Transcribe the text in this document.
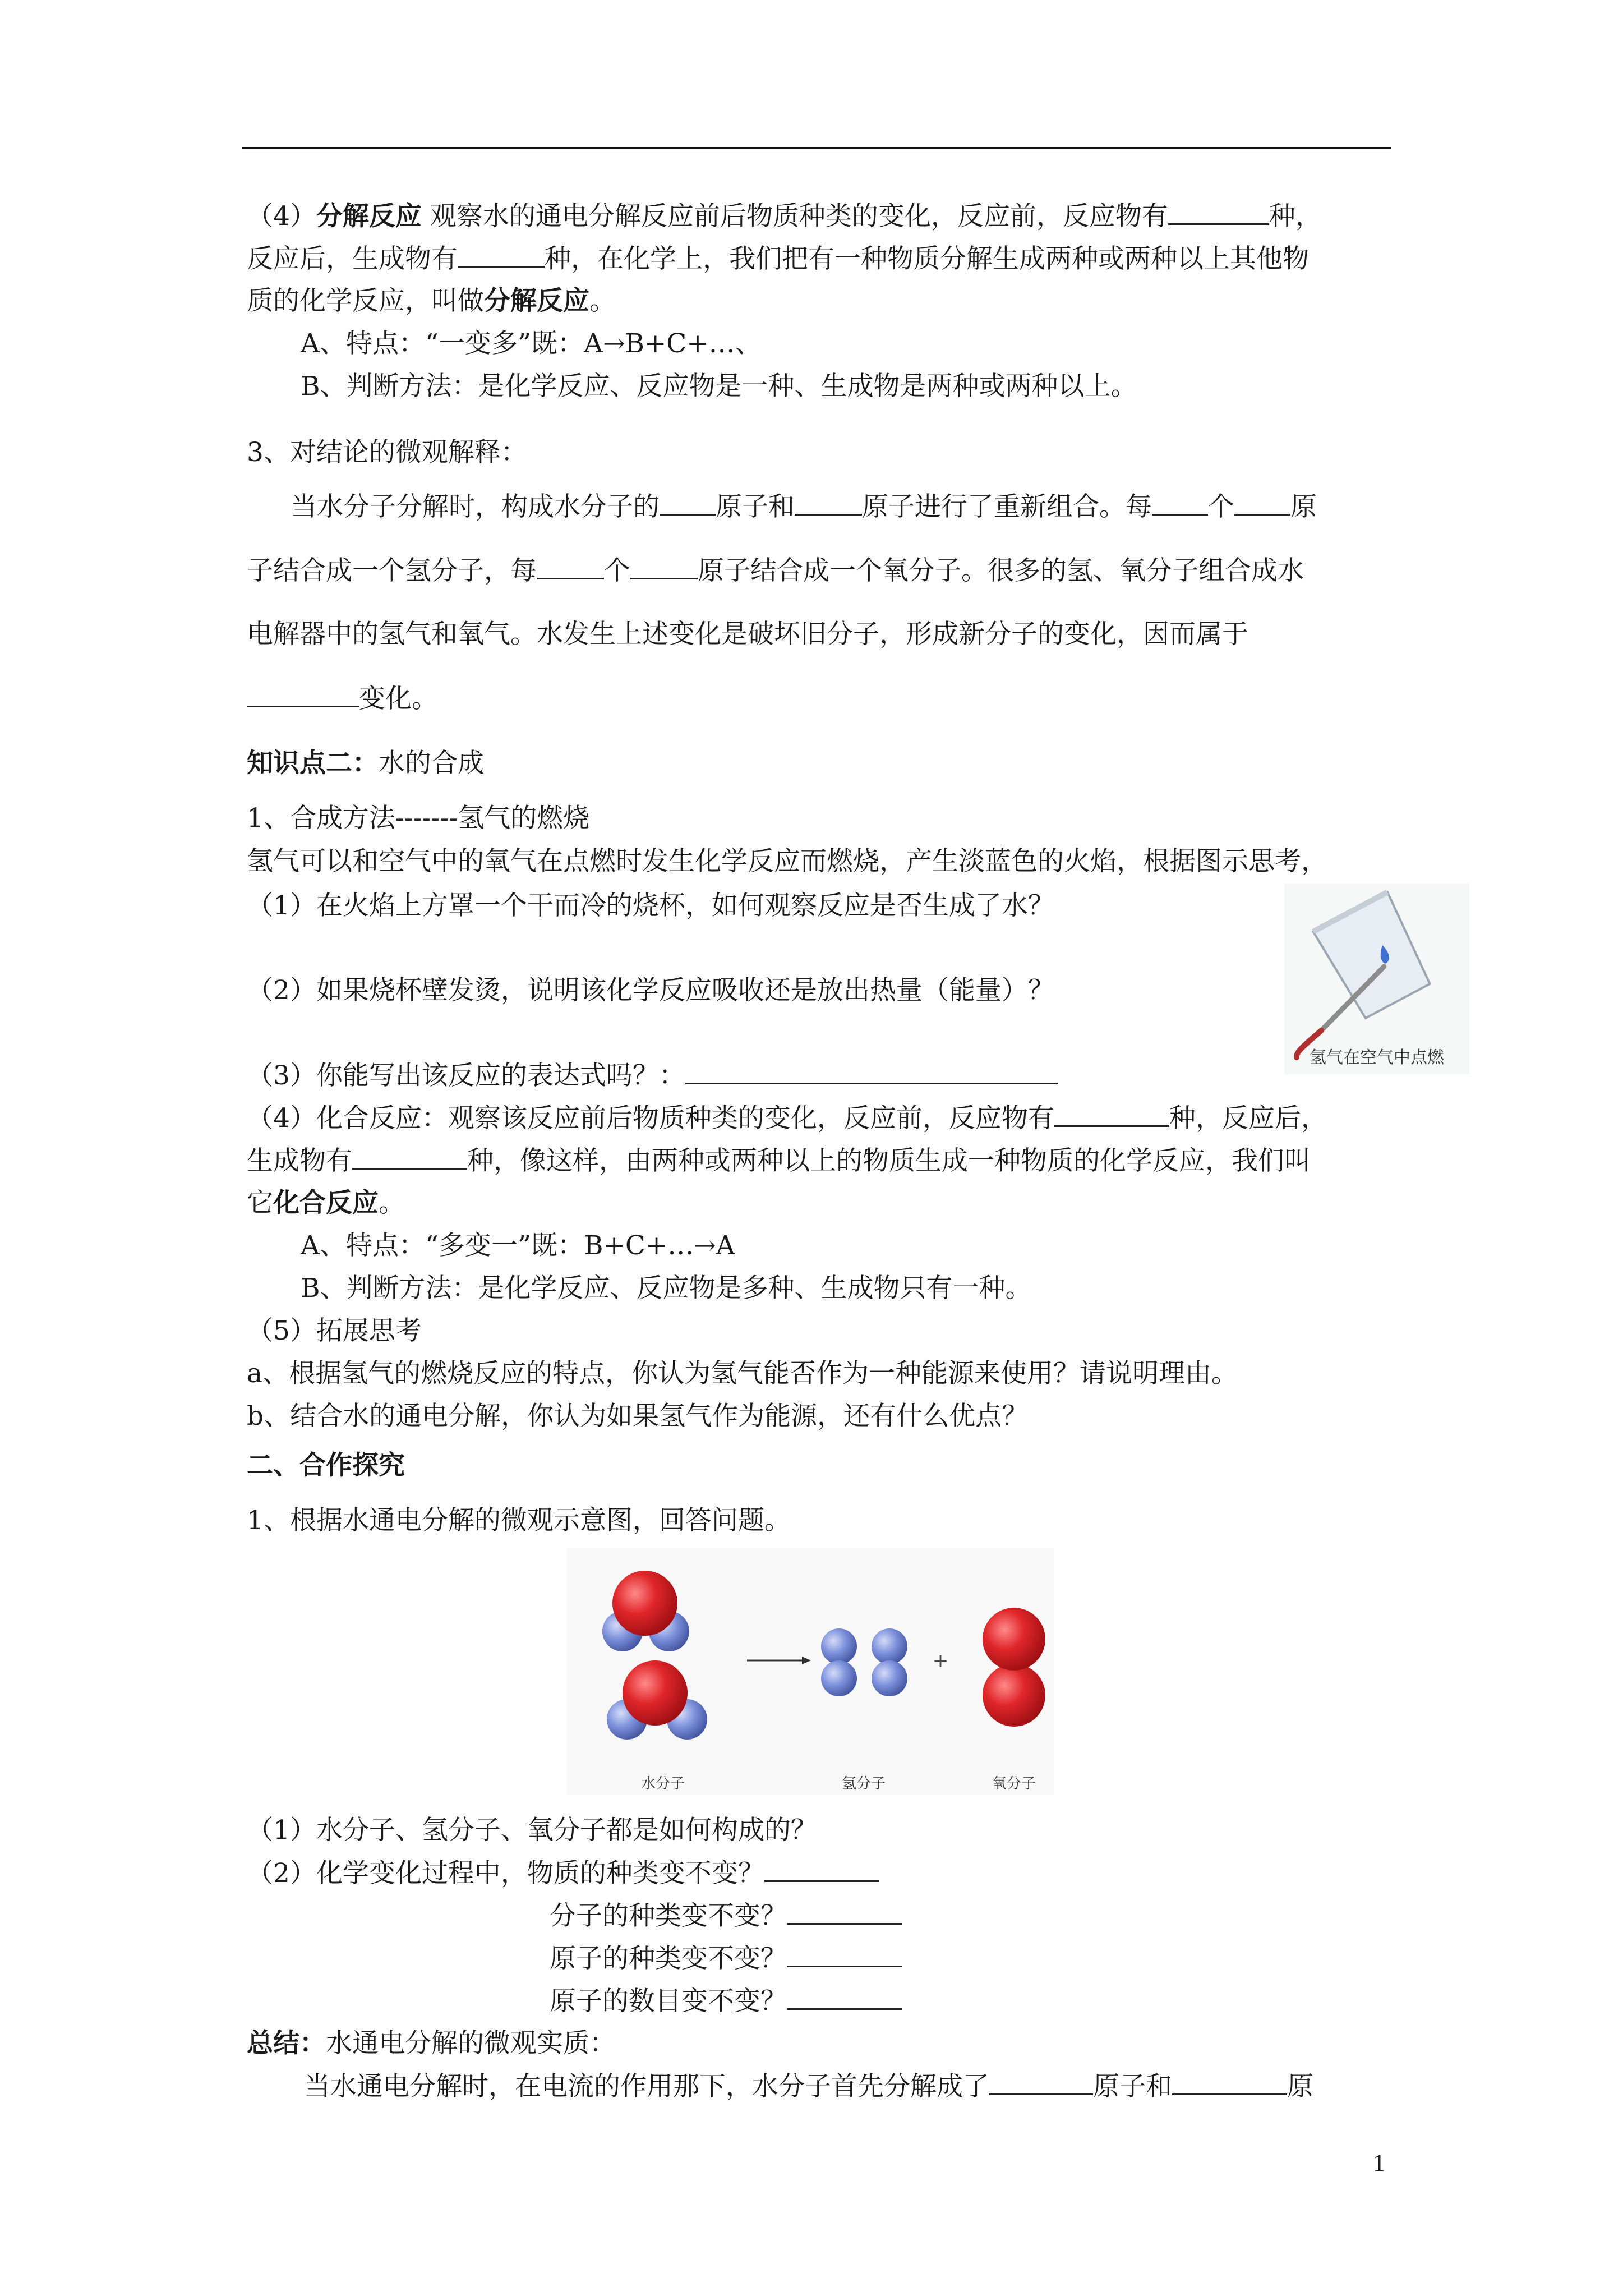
（4）分解反应 观察水的通电分解反应前后物质种类的变化，反应前，反应物有	种，
反应后，生成物有	种，在化学上，我们把有一种物质分解生成两种或两种以上其他物
质的化学反应，叫做分解反应。
A、特点：“一变多”既：A→B+C+…、
B、判断方法：是化学反应、反应物是一种、生成物是两种或两种以上。
3、对结论的微观解释：
当水分子分解时，构成水分子的 原子和	原子进行了重新组合。每 个 原
子结合成一个氢分子，每	个	原子结合成一个氧分子。很多的氢、氧分子组合成水
电解器中的氢气和氧气。水发生上述变化是破坏旧分子，形成新分子的变化，因而属于
变化。
知识点二：水的合成
1、合成方法-------氢气的燃烧
氢气可以和空气中的氧气在点燃时发生化学反应而燃烧，产生淡蓝色的火焰，根据图示思考，
（1）在火焰上方罩一个干而冷的烧杯，如何观察反应是否生成了水？
（2）如果烧杯壁发烫，说明该化学反应吸收还是放出热量（能量）？
（3）你能写出该反应的表达式吗？：
氢气在空气中点燃
（4）化合反应：观察该反应前后物质种类的变化，反应前，反应物有	种，反应后，
生成物有	种，像这样，由两种或两种以上的物质生成一种物质的化学反应，我们叫
它化合反应。
A、特点：“多变一”既：B+C+…→A
B、判断方法：是化学反应、反应物是多种、生成物只有一种。
（5）拓展思考
a、根据氢气的燃烧反应的特点，你认为氢气能否作为一种能源来使用？请说明理由。
b、结合水的通电分解，你认为如果氢气作为能源，还有什么优点？
二、合作探究
1、根据水通电分解的微观示意图，回答问题。
+
水分子	氢分子	氧分子
（1）水分子、氢分子、氧分子都是如何构成的？
（2）化学变化过程中，物质的种类变不变？
分子的种类变不变？
原子的种类变不变？
原子的数目变不变？
总结：水通电分解的微观实质：
当水通电分解时，在电流的作用那下，水分子首先分解成了	原子和	原
1
